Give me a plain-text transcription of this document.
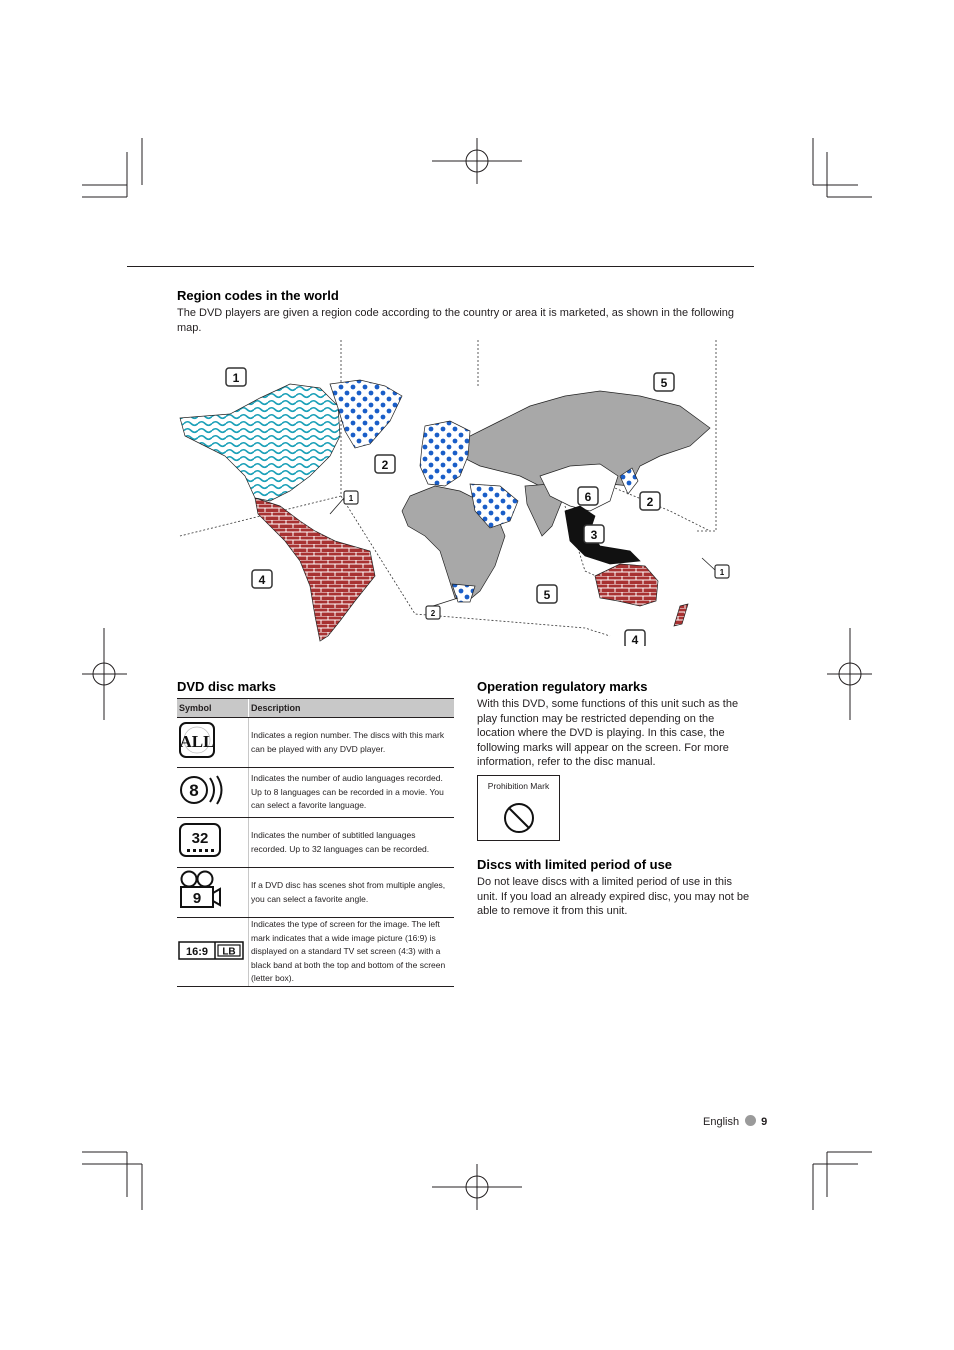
Region codes in the world

The DVD players are given a region code according to the country or area it is marketed, as shown in the following map.

1
2
1
4
6
3
2
5
5
2
1
4
DVD disc marks
Symbol	Description

ALL	Indicates a region number. The discs with this mark can be played with any DVD player.

8	Indicates the number of audio languages recorded. Up to 8 languages can be recorded in a movie. You can select a favorite language.

32	Indicates the number of subtitled languages recorded. Up to 32 languages can be recorded.

9	If a DVD disc has scenes shot from multiple angles, you can select a favorite angle.

16:9 LB	Indicates the type of screen for the image. The left mark indicates that a wide image picture (16:9) is displayed on a standard TV set screen (4:3) with a black band at both the top and bottom of the screen (letter box).
Operation regulatory marks

With this DVD, some functions of this unit such as the play function may be restricted depending on the location where the DVD is playing. In this case, the following marks will appear on the screen. For more information, refer to the disc manual.

Prohibition Mark
Discs with limited period of use

Do not leave discs with a limited period of use in this unit. If you load an already expired disc, you may not be able to remove it from this unit.

English 9
